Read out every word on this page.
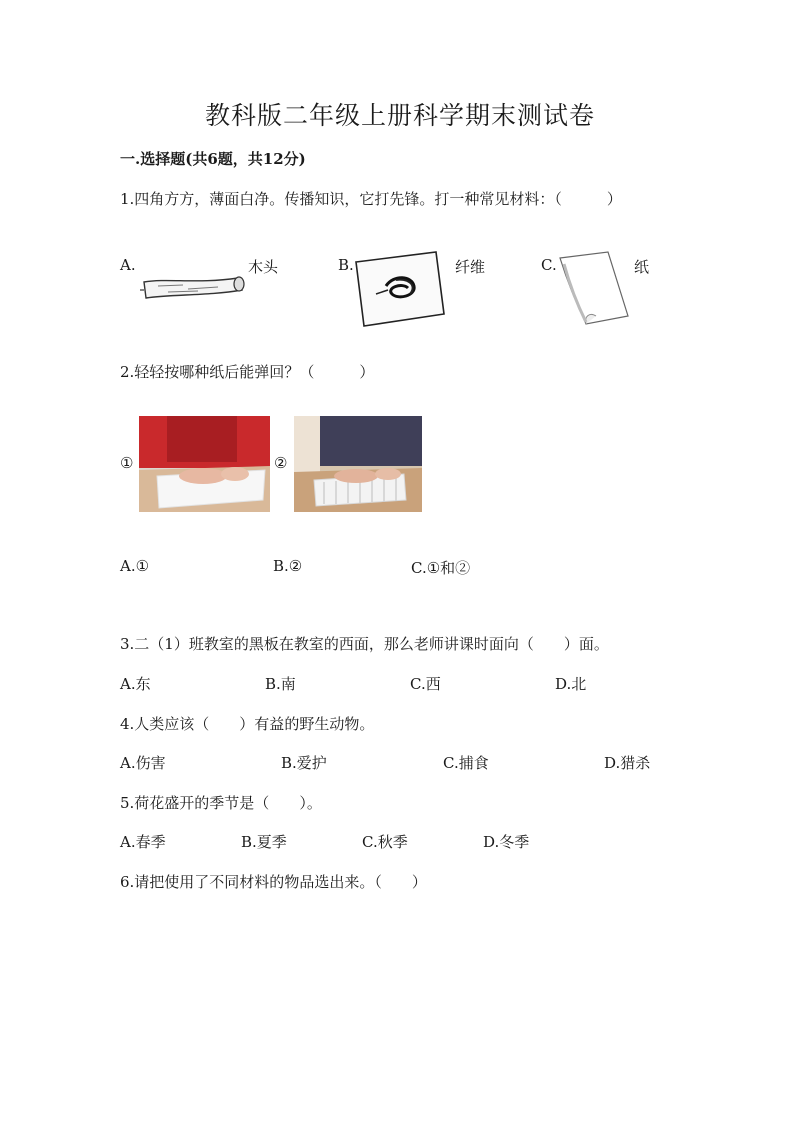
教科版二年级上册科学期末测试卷
一.选择题(共6题，共12分)
1.四角方方，薄面白净。传播知识，它打先锋。打一种常见材料：（　　　）
A.	木头	B.	纤维	C.	纸
2.轻轻按哪种纸后能弹回？（　　　）
①	②
A.①	B.②	C.①和②
3.二（1）班教室的黑板在教室的西面，那么老师讲课时面向（　　）面。
A.东	B.南	C.西	D.北
4.人类应该（　　）有益的野生动物。
A.伤害	B.爱护	C.捕食	D.猎杀
5.荷花盛开的季节是（　　）。
A.春季	B.夏季	C.秋季	D.冬季
6.请把使用了不同材料的物品选出来。（　　）
